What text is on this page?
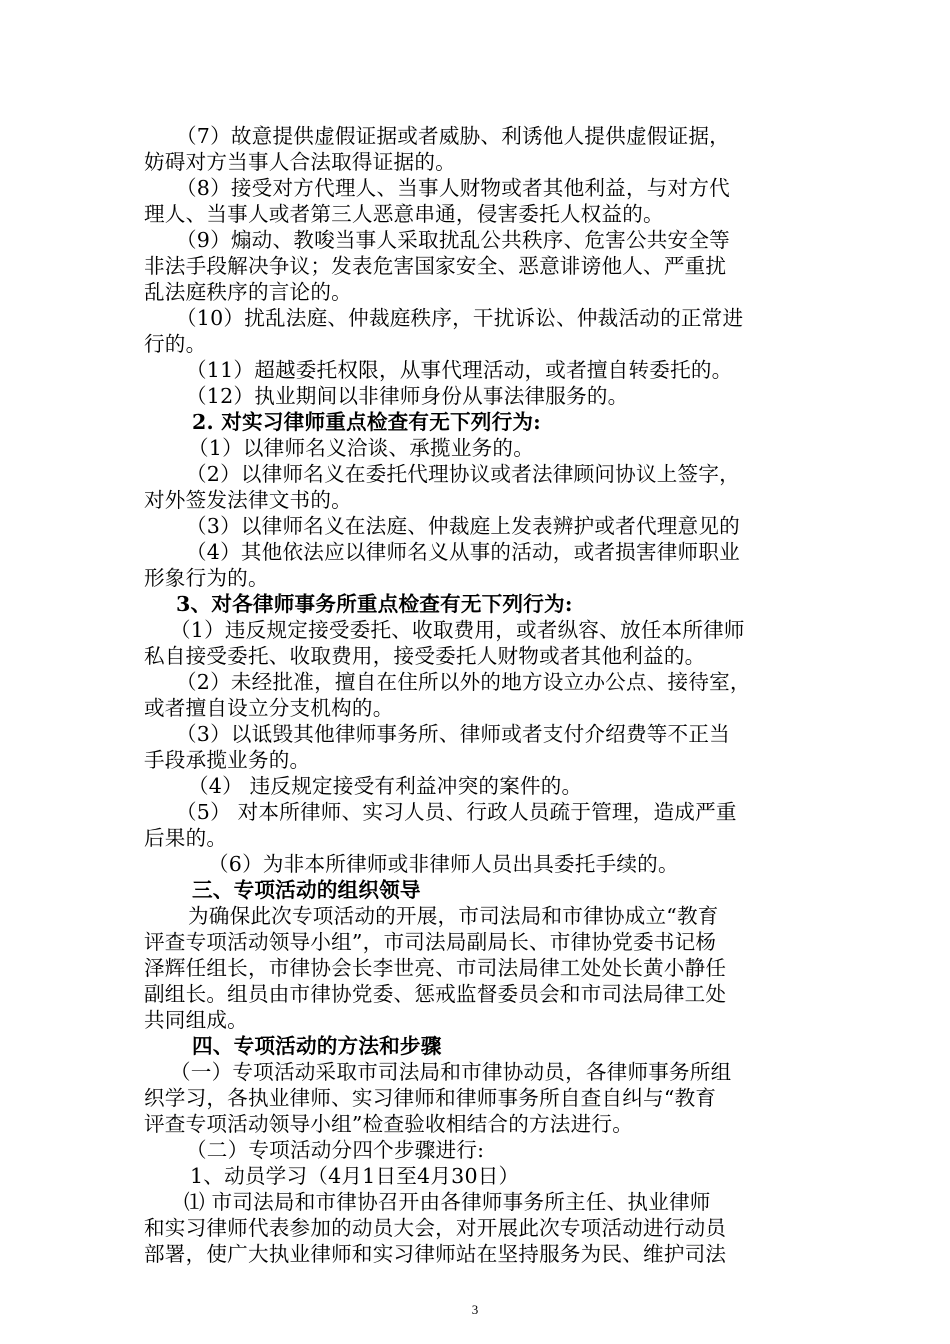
（7）故意提供虚假证据或者威胁、利诱他人提供虚假证据，
妨碍对方当事人合法取得证据的。
（8）接受对方代理人、当事人财物或者其他利益，与对方代
理人、当事人或者第三人恶意串通，侵害委托人权益的。
（9）煽动、教唆当事人采取扰乱公共秩序、危害公共安全等
非法手段解决争议；发表危害国家安全、恶意诽谤他人、严重扰
乱法庭秩序的言论的。
（10）扰乱法庭、仲裁庭秩序，干扰诉讼、仲裁活动的正常进
行的。
（11）超越委托权限，从事代理活动，或者擅自转委托的。
（12）执业期间以非律师身份从事法律服务的。
2. 对实习律师重点检查有无下列行为:
（1）以律师名义洽谈、承揽业务的。
（2）以律师名义在委托代理协议或者法律顾问协议上签字，
对外签发法律文书的。
（3）以律师名义在法庭、仲裁庭上发表辨护或者代理意见的
（4）其他依法应以律师名义从事的活动，或者损害律师职业
形象行为的。
3、对各律师事务所重点检查有无下列行为:
（1）违反规定接受委托、收取费用，或者纵容、放任本所律师
私自接受委托、收取费用，接受委托人财物或者其他利益的。
（2）未经批准，擅自在住所以外的地方设立办公点、接待室，
或者擅自设立分支机构的。
（3）以诋毁其他律师事务所、律师或者支付介绍费等不正当
手段承揽业务的。
（4） 违反规定接受有利益冲突的案件的。
（5） 对本所律师、实习人员、行政人员疏于管理，造成严重
后果的。
（6）为非本所律师或非律师人员出具委托手续的。
三、专项活动的组织领导
为确保此次专项活动的开展，市司法局和市律协成立“教育
评查专项活动领导小组”，市司法局副局长、市律协党委书记杨
泽辉任组长，市律协会长李世亮、市司法局律工处处长黄小静任
副组长。组员由市律协党委、惩戒监督委员会和市司法局律工处
共同组成。
四、专项活动的方法和步骤
（一）专项活动采取市司法局和市律协动员，各律师事务所组
织学习，各执业律师、实习律师和律师事务所自查自纠与“教育
评查专项活动领导小组”检查验收相结合的方法进行。
（二）专项活动分四个步骤进行:
1、动员学习（4月1日至4月30日）
⑴ 市司法局和市律协召开由各律师事务所主任、执业律师
和实习律师代表参加的动员大会，对开展此次专项活动进行动员
部署，使广大执业律师和实习律师站在坚持服务为民、维护司法
3
